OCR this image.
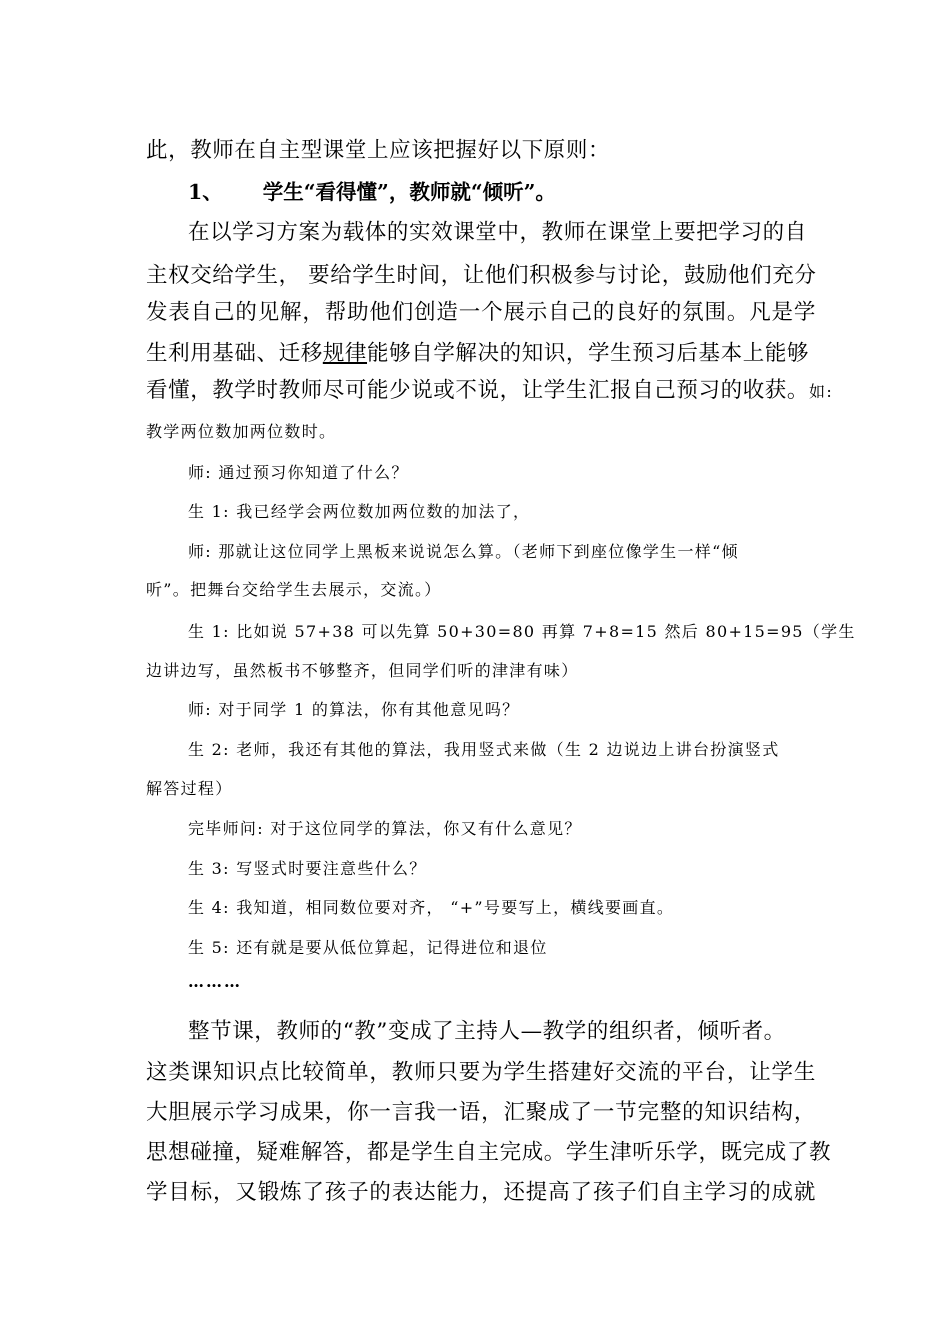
此，教师在自主型课堂上应该把握好以下原则：

1、 学生“看得懂”，教师就“倾听”。

在以学习方案为载体的实效课堂中，教师在课堂上要把学习的自

主权交给学生， 要给学生时间，让他们积极参与讨论，鼓励他们充分

发表自己的见解，帮助他们创造一个展示自己的良好的氛围。凡是学

生利用基础、迁移规律能够自学解决的知识，学生预习后基本上能够

看懂，教学时教师尽可能少说或不说，让学生汇报自己预习的收获。如:

教学两位数加两位数时。

师: 通过预习你知道了什么？

生 1: 我已经学会两位数加两位数的加法了，

师: 那就让这位同学上黑板来说说怎么算。（老师下到座位像学生一样“倾

听”。把舞台交给学生去展示，交流。）

生 1: 比如说 57+38 可以先算 50+30=80 再算 7+8=15 然后 80+15=95（学生

边讲边写，虽然板书不够整齐，但同学们听的津津有味）

师: 对于同学 1 的算法，你有其他意见吗？

生 2: 老师，我还有其他的算法，我用竖式来做（生 2 边说边上讲台扮演竖式

解答过程）

完毕师问: 对于这位同学的算法，你又有什么意见？

生 3: 写竖式时要注意些什么？

生 4: 我知道，相同数位要对齐， “+”号要写上，横线要画直。

生 5: 还有就是要从低位算起，记得进位和退位

………

整节课，教师的“教”变成了主持人—教学的组织者，倾听者。

这类课知识点比较简单，教师只要为学生搭建好交流的平台，让学生

大胆展示学习成果，你一言我一语，汇聚成了一节完整的知识结构，

思想碰撞，疑难解答，都是学生自主完成。学生津听乐学，既完成了教

学目标，又锻炼了孩子的表达能力，还提高了孩子们自主学习的成就
